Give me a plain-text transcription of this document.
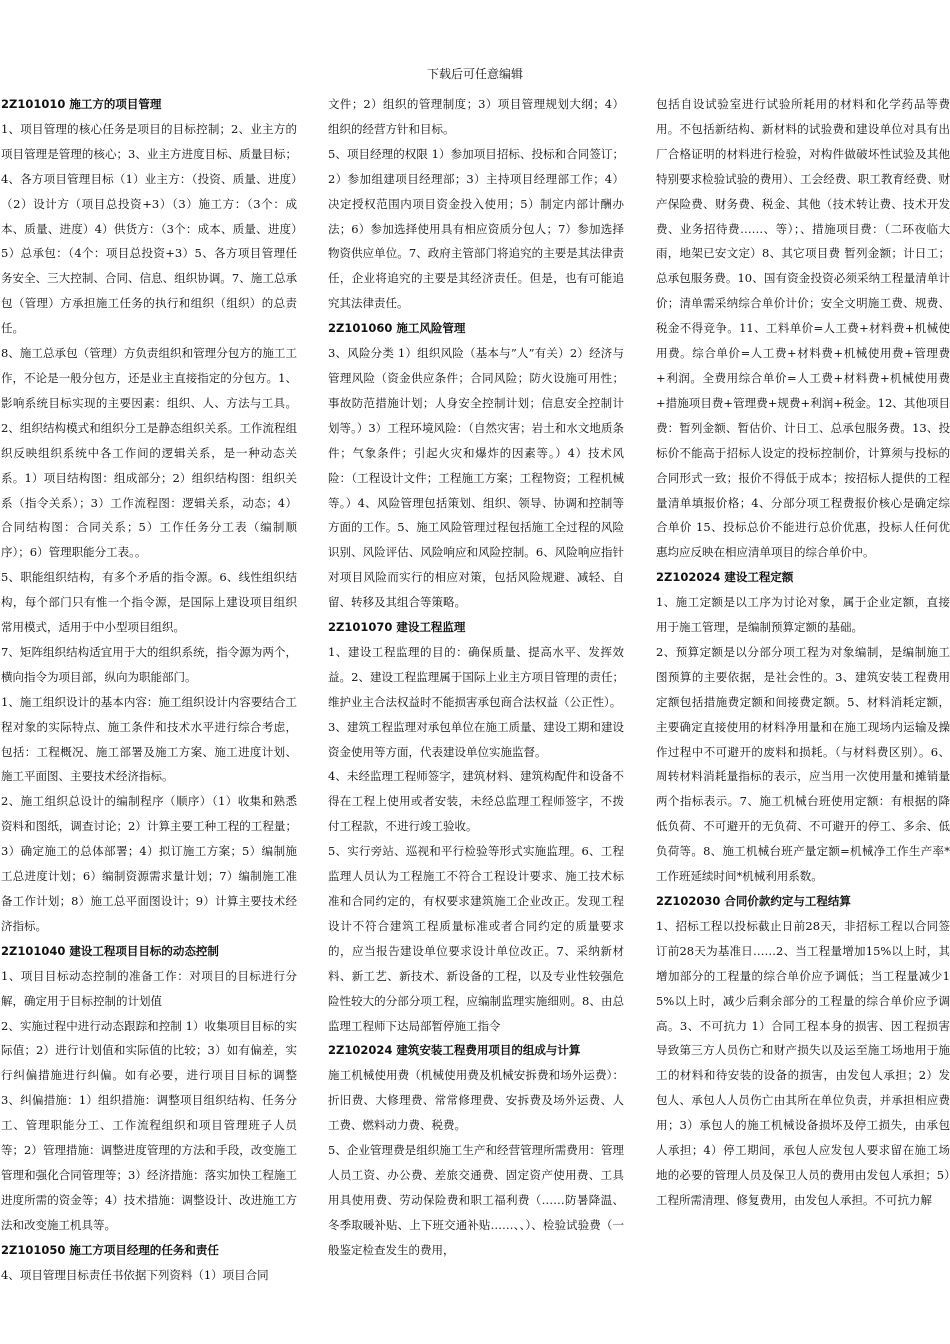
下载后可任意编辑

2Z101010 施工方的项目管理

1、项目管理的核心任务是项目的目标控制；2、业主方的项目管理是管理的核心；3、业主方进度目标、质量目标；4、各方项目管理目标（1）业主方：（投资、质量、进度）（2）设计方（项目总投资+3）（3）施工方：（3个：成本、质量、进度）4）供货方：（3个：成本、质量、进度）5）总承包：（4个：项目总投资+3）5、各方项目管理任务安全、三大控制、合同、信息、组织协调。7、施工总承包（管理）方承担施工任务的执行和组织（组织）的总责任。

8、施工总承包（管理）方负责组织和管理分包方的施工工作，不论是一般分包方，还是业主直接指定的分包方。1、影响系统目标实现的主要因素：组织、人、方法与工具。2、组织结构模式和组织分工是静态组织关系。工作流程组织反映组织系统中各工作间的逻辑关系，是一种动态关系。1）项目结构图：组成部分；2）组织结构图：组织关系（指令关系）；3）工作流程图：逻辑关系，动态；4）合同结构图：合同关系；5）工作任务分工表（编制顺序）；6）管理职能分工表。。

5、职能组织结构，有多个矛盾的指令源。6、线性组织结构，每个部门只有惟一个指令源，是国际上建设项目组织常用模式，适用于中小型项目组织。

7、矩阵组织结构适宜用于大的组织系统，指令源为两个，横向指令为项目部，纵向为职能部门。

1、施工组织设计的基本内容：施工组织设计内容要结合工程对象的实际特点、施工条件和技术水平进行综合考虑，包括：工程概况、施工部署及施工方案、施工进度计划、施工平面图、主要技术经济指标。

2、施工组织总设计的编制程序（顺序）（1）收集和熟悉资料和图纸，调查讨论；2）计算主要工种工程的工程量；3）确定施工的总体部署；4）拟订施工方案；5）编制施工总进度计划；6）编制资源需求量计划；7）编制施工准备工作计划；8）施工总平面图设计；9）计算主要技术经济指标。

2Z101040 建设工程项目目标的动态控制

1、项目目标动态控制的准备工作：对项目的目标进行分解，确定用于目标控制的计划值

2、实施过程中进行动态跟踪和控制 1）收集项目目标的实际值；2）进行计划值和实际值的比较；3）如有偏差，实行纠偏措施进行纠偏。如有必要，进行项目目标的调整 3、纠偏措施：1）组织措施：调整项目组织结构、任务分工、管理职能分工、工作流程组织和项目管理班子人员等；2）管理措施：调整进度管理的方法和手段，改变施工管理和强化合同管理等；3）经济措施：落实加快工程施工进度所需的资金等；4）技术措施：调整设计、改进施工方法和改变施工机具等。

2Z101050 施工方项目经理的任务和责任

4、项目管理目标责任书依据下列资料（1）项目合同

文件；2）组织的管理制度；3）项目管理规划大纲；4）组织的经营方针和目标。

5、项目经理的权限 1）参加项目招标、投标和合同签订；2）参加组建项目经理部；3）主持项目经理部工作；4）决定授权范围内项目资金投入使用；5）制定内部计酬办法；6）参加选择使用具有相应资质分包人；7）参加选择物资供应单位。7、政府主管部门将追究的主要是其法律责任，企业将追究的主要是其经济责任。但是，也有可能追究其法律责任。

2Z101060 施工风险管理

3、风险分类 1）组织风险（基本与”人”有关）2）经济与管理风险（资金供应条件；合同风险；防火设施可用性；事故防范措施计划；人身安全控制计划；信息安全控制计划等。）3）工程环境风险：（自然灾害；岩土和水文地质条件；气象条件；引起火灾和爆炸的因素等。）4）技术风险：（工程设计文件；工程施工方案；工程物资；工程机械等。）4、风险管理包括策划、组织、领导、协调和控制等方面的工作。5、施工风险管理过程包括施工全过程的风险识别、风险评估、风险响应和风险控制。6、风险响应指针对项目风险而实行的相应对策，包括风险规避、减轻、自留、转移及其组合等策略。

2Z101070 建设工程监理

1、建设工程监理的目的：确保质量、提高水平、发挥效益。2、建设工程监理属于国际上业主方项目管理的责任；维护业主合法权益时不能损害承包商合法权益（公正性）。

3、建筑工程监理对承包单位在施工质量、建设工期和建设资金使用等方面，代表建设单位实施监督。

4、未经监理工程师签字，建筑材料、建筑构配件和设备不得在工程上使用或者安装，未经总监理工程师签字，不拨付工程款，不进行竣工验收。

5、实行旁站、巡视和平行检验等形式实施监理。6、工程监理人员认为工程施工不符合工程设计要求、施工技术标准和合同约定的，有权要求建筑施工企业改正。发现工程设计不符合建筑工程质量标准或者合同约定的质量要求的，应当报告建设单位要求设计单位改正。7、采纳新材料、新工艺、新技术、新设备的工程，以及专业性较强危险性较大的分部分项工程，应编制监理实施细则。8、由总监理工程师下达局部暂停施工指令

2Z102024 建筑安装工程费用项目的组成与计算

施工机械使用费（机械使用费及机械安拆费和场外运费）：折旧费、大修理费、常常修理费、安拆费及场外运费、人工费、燃料动力费、税费。

5、企业管理费是组织施工生产和经营管理所需费用：管理人员工资、办公费、差旅交通费、固定资产使用费、工具用具使用费、劳动保险费和职工福利费（……防暑降温、冬季取暖补贴、上下班交通补贴……、、）、检验试验费（一般鉴定检查发生的费用，

包括自设试验室进行试验所耗用的材料和化学药品等费用。不包括新结构、新材料的试验费和建设单位对具有出厂合格证明的材料进行检验，对构件做破坏性试验及其他特别要求检验试验的费用）、工会经费、职工教育经费、财产保险费、财务费、税金、其他（技术转让费、技术开发费、业务招待费……、等）；、措施项目费：（二环夜临大雨，地架已安文定）8、其它项目费 暂列金额；计日工；总承包服务费。10、国有资金投资必须采纳工程量清单计价；清单需采纳综合单价计价；安全文明施工费、规费、税金不得竞争。11、工料单价=人工费+材料费+机械使用费。综合单价=人工费+材料费+机械使用费+管理费+利润。全费用综合单价=人工费+材料费+机械使用费+措施项目费+管理费+规费+利润+税金。12、其他项目费：暂列金额、暂估价、计日工、总承包服务费。13、投标价不能高于招标人设定的投标控制价，计算须与投标的合同形式一致；报价不得低于成本；按招标人提供的工程量清单填报价格；4、分部分项工程费报价核心是确定综合单价 15、投标总价不能进行总价优惠，投标人任何优惠均应反映在相应清单项目的综合单价中。

2Z102024 建设工程定额

1、施工定额是以工序为讨论对象，属于企业定额，直接用于施工管理，是编制预算定额的基础。

2、预算定额是以分部分项工程为对象编制，是编制施工图预算的主要依据，是社会性的。3、建筑安装工程费用定额包括措施费定额和间接费定额。5、材料消耗定额，主要确定直接使用的材料净用量和在施工现场内运输及操作过程中不可避开的废料和损耗。（与材料费区别）。6、周转材料消耗量指标的表示，应当用一次使用量和摊销量两个指标表示。7、施工机械台班使用定额：有根据的降低负荷、不可避开的无负荷、不可避开的停工、多余、低负荷等。8、施工机械台班产量定额=机械净工作生产率*工作班延续时间*机械利用系数。

2Z102030 合同价款约定与工程结算

1、招标工程以投标截止日前28天，非招标工程以合同签订前28天为基准日……2、当工程量增加15%以上时，其增加部分的工程量的综合单价应予调低；当工程量减少15%以上时，减少后剩余部分的工程量的综合单价应予调高。3、不可抗力 1）合同工程本身的损害、因工程损害导致第三方人员伤亡和财产损失以及运至施工场地用于施工的材料和待安装的设备的损害，由发包人承担；2）发包人、承包人人员伤亡由其所在单位负责，并承担相应费用；3）承包人的施工机械设备损坏及停工损失，由承包人承担；4）停工期间，承包人应发包人要求留在施工场地的必要的管理人员及保卫人员的费用由发包人承担；5）工程所需清理、修复费用，由发包人承担。不可抗力解
